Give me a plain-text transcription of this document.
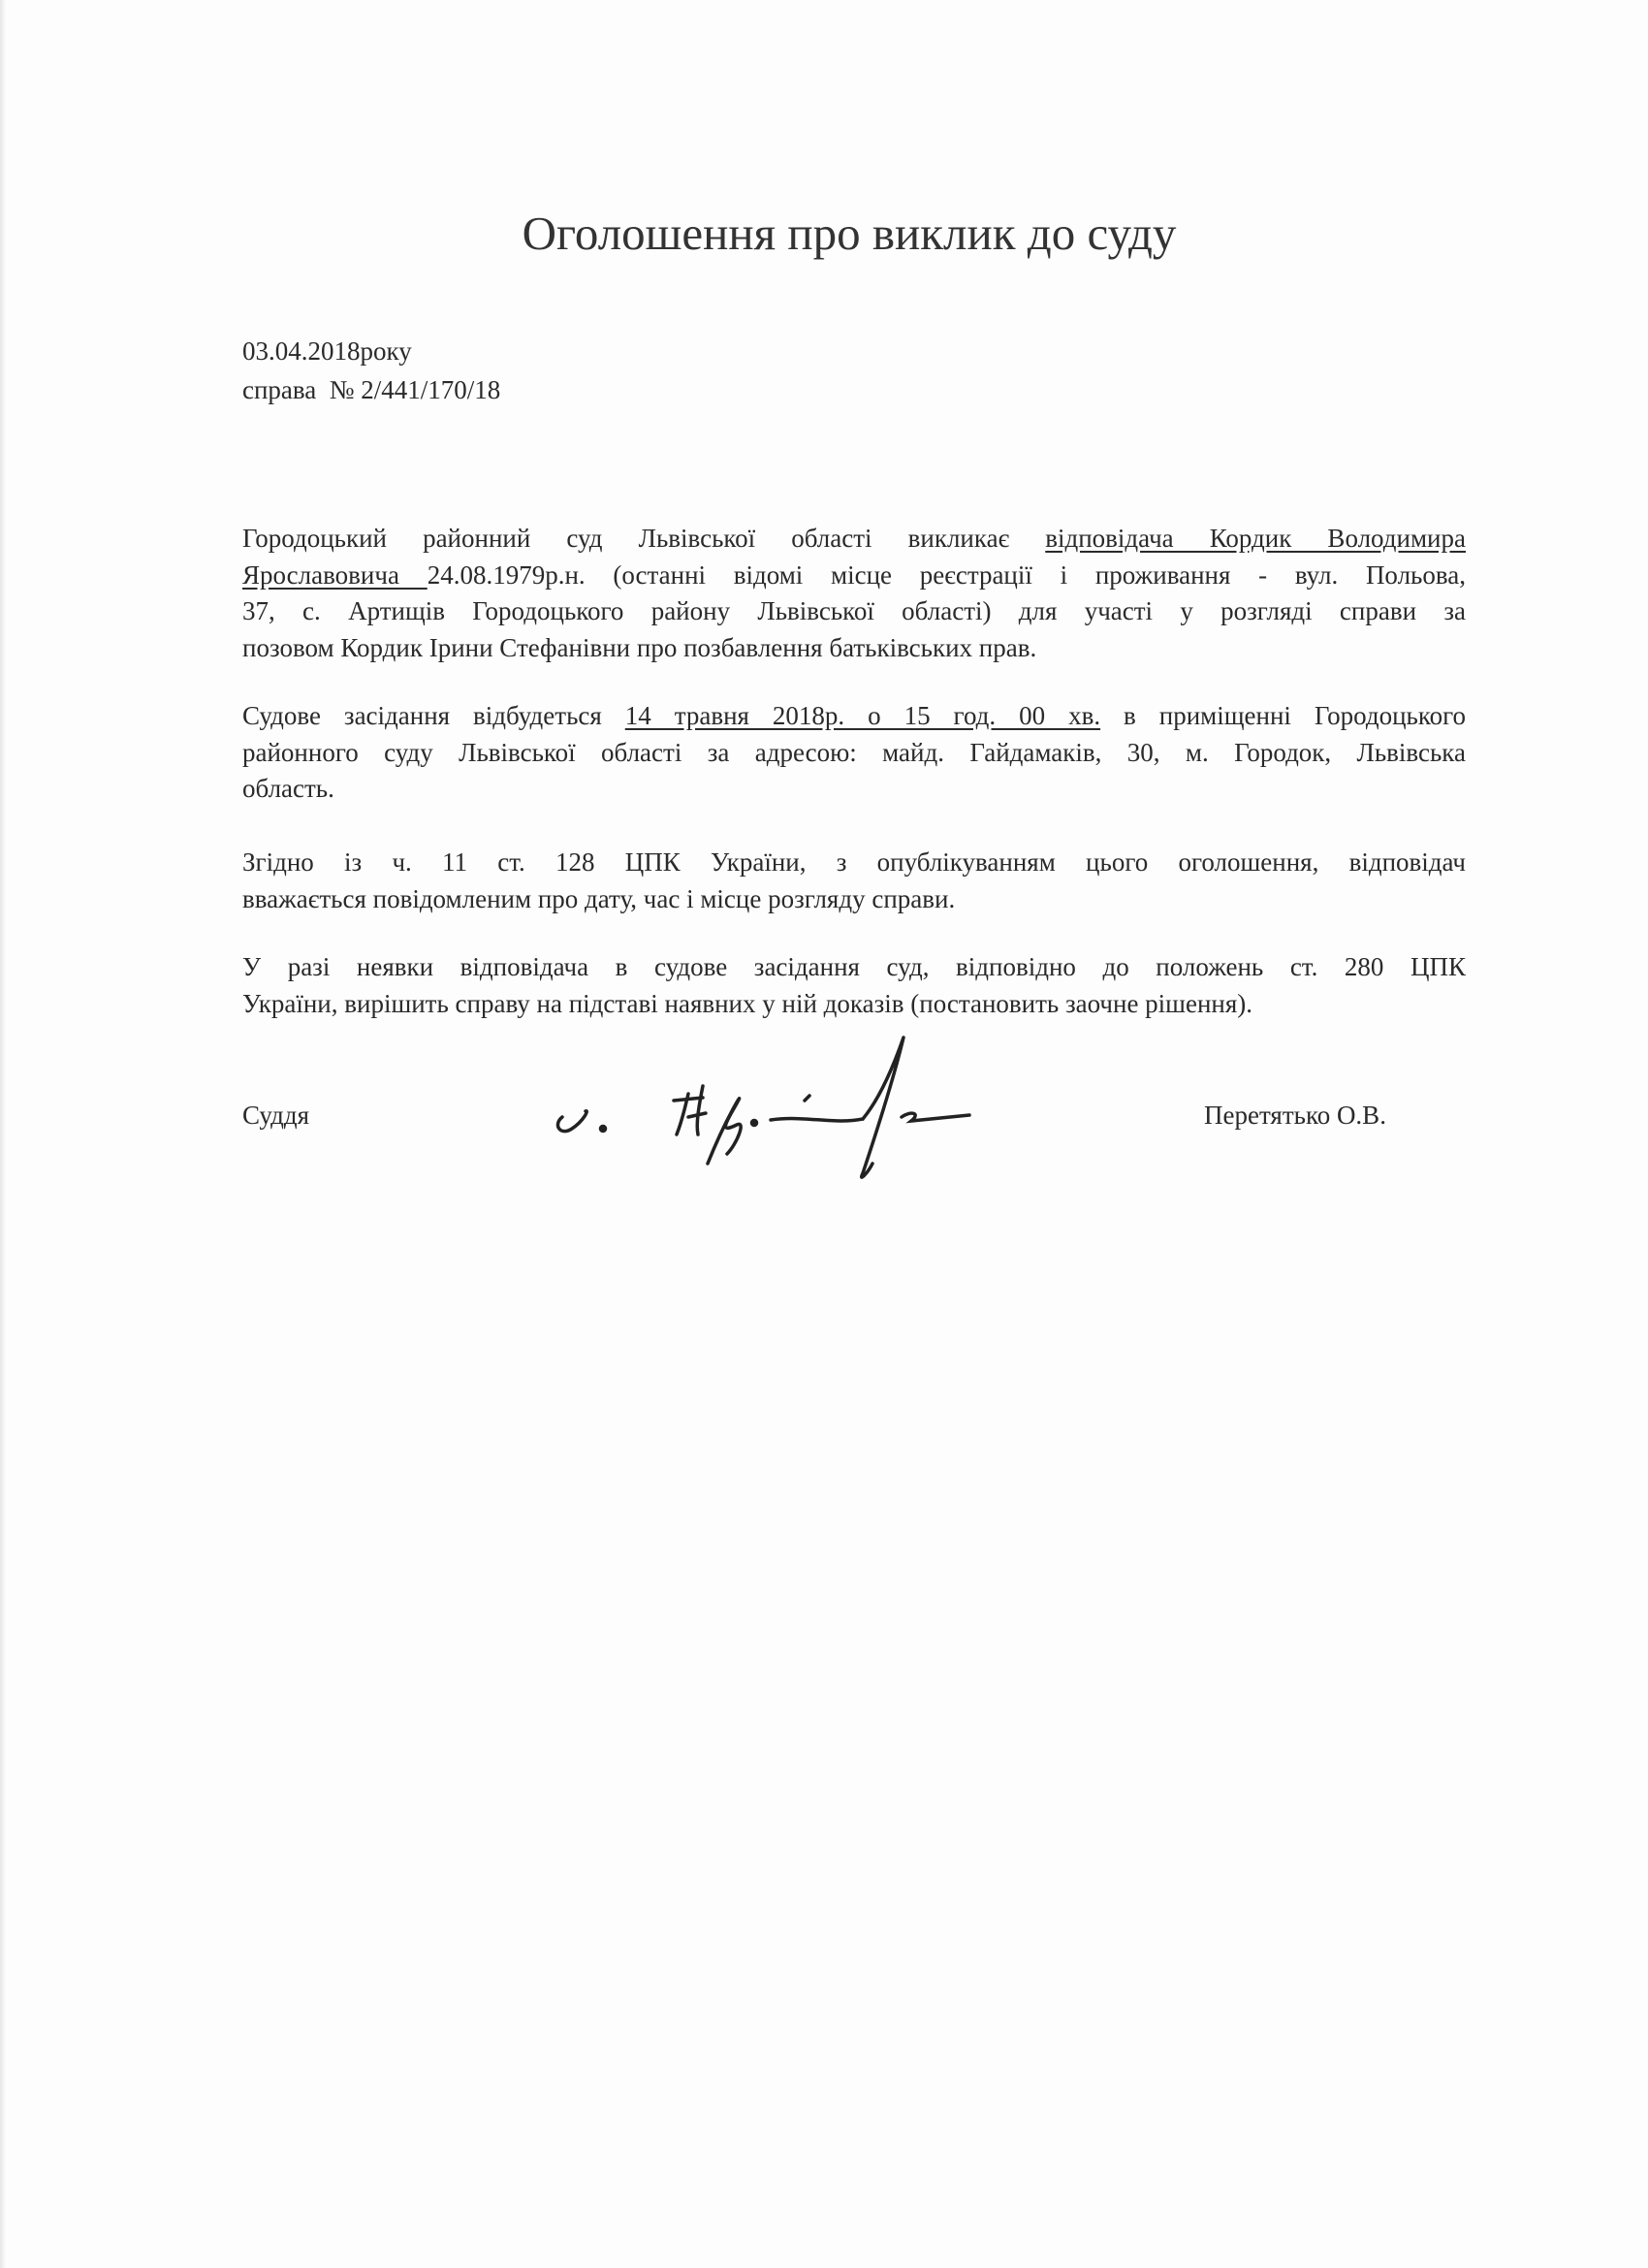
Оголошення про виклик до суду
03.04.2018року
справа  № 2/441/170/18
Городоцький районний суд Львівської області викликає відповідача Кордик Володимира
Ярославовича 24.08.1979р.н. (останні відомі місце реєстрації і проживання - вул. Польова,
37, с. Артищів Городоцького району Львівської області) для участі у розгляді справи за
позовом Кордик Ірини Стефанівни про позбавлення батьківських прав.
Судове засідання відбудеться 14 травня 2018р. о 15 год. 00 хв. в приміщенні Городоцького
районного суду Львівської області за адресою: майд. Гайдамаків, 30, м. Городок, Львівська
область.
Згідно із ч. 11 ст. 128 ЦПК України, з опублікуванням цього оголошення, відповідач
вважається повідомленим про дату, час і місце розгляду справи.
У разі неявки відповідача в судове засідання суд, відповідно до положень ст. 280 ЦПК
України, вирішить справу на підставі наявних у ній доказів (постановить заочне рішення).
Суддя	Перетятько О.В.
